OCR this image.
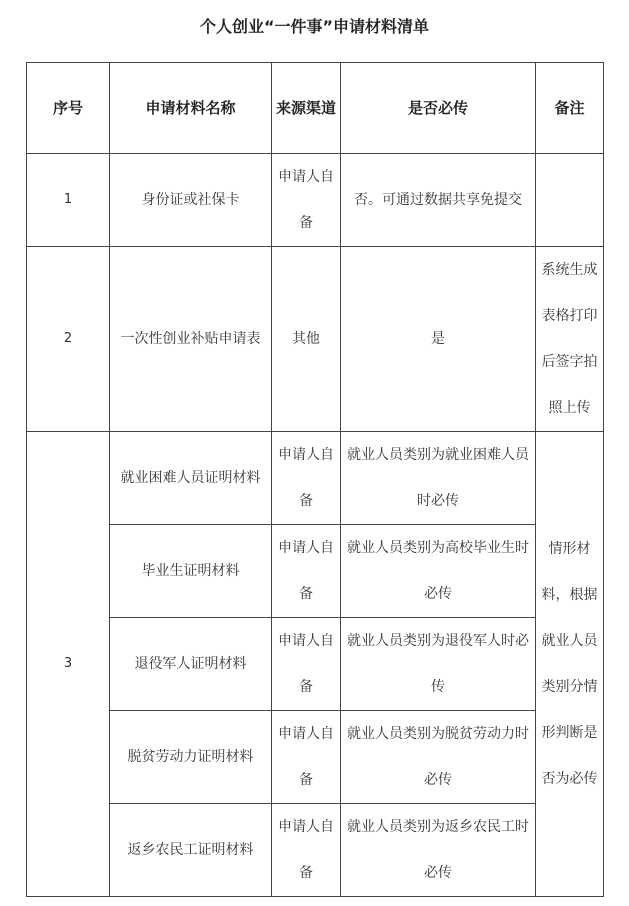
个人创业“一件事”申请材料清单
序号	申请材料名称	来源渠道	是否必传	备注
1	身份证或社保卡	申请人自备	否。可通过数据共享免提交	
2	一次性创业补贴申请表	其他	是	系统生成表格打印后签字拍照上传
3	就业困难人员证明材料	申请人自备	就业人员类别为就业困难人员时必传	情形材料，根据就业人员类别分情形判断是否为必传
	毕业生证明材料	申请人自备	就业人员类别为高校毕业生时必传	
	退役军人证明材料	申请人自备	就业人员类别为退役军人时必传	
	脱贫劳动力证明材料	申请人自备	就业人员类别为脱贫劳动力时必传	
	返乡农民工证明材料	申请人自备	就业人员类别为返乡农民工时必传	
